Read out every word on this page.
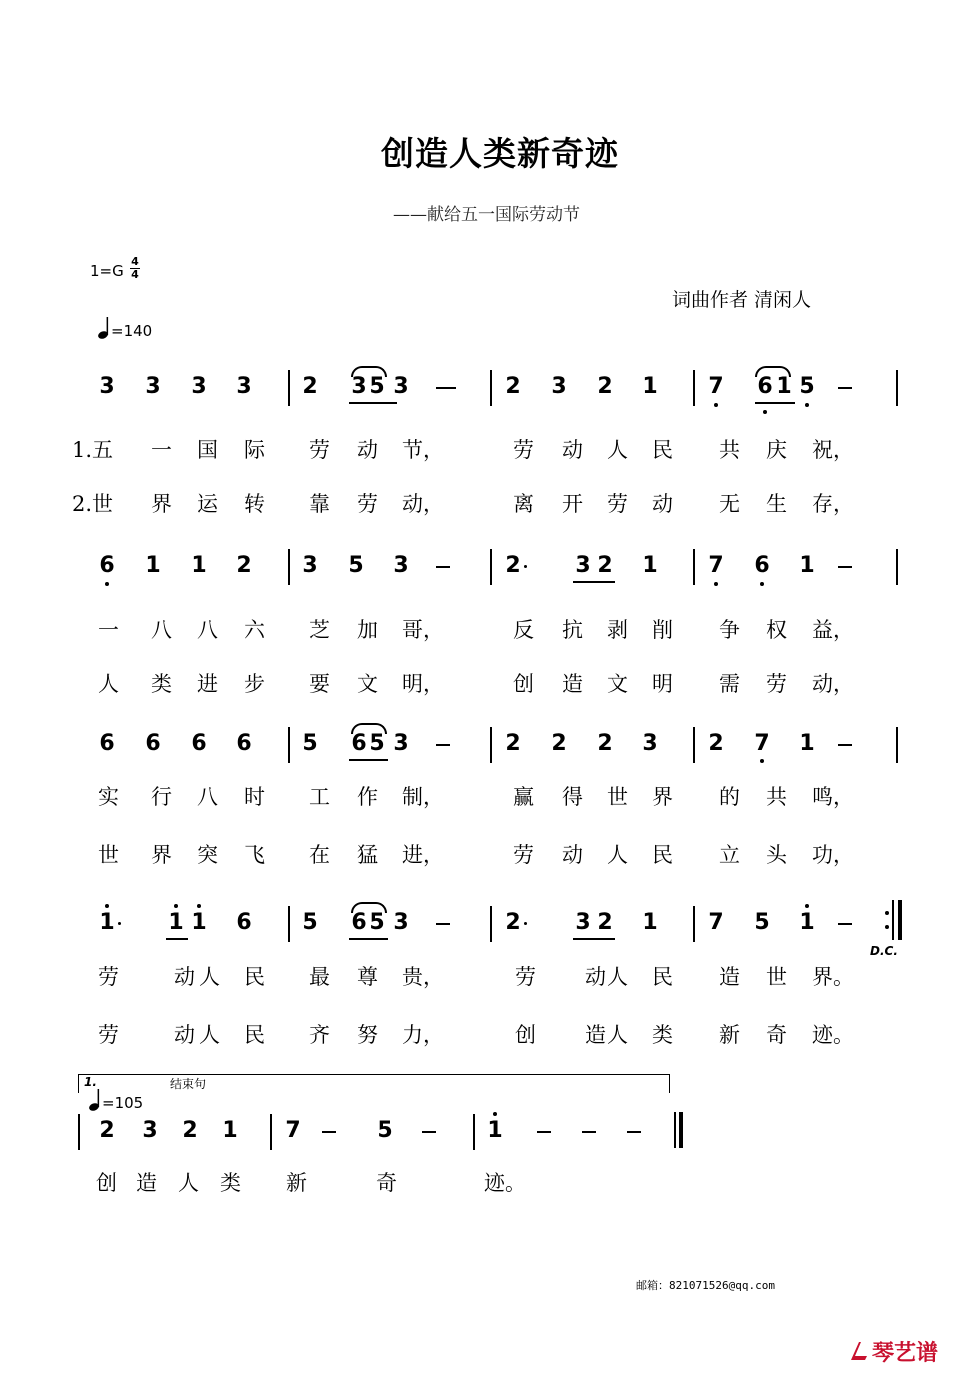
创造人类新奇迹
——献给五一国际劳动节
1=G
4
4
词曲作者 清闲人
=140
3 3 3 3 2 3 5 3	2 3 2 1 7 6 1 5
6 1 1 2 3 5 3	2 3 2 1 7 6 1
6 6 6 6 5 6 5 3	2 2 2 3 2 7 1
1 1 1 6 5 6 5 3	2 3 2 1 7 5 1
2 3 2 1 7	5	1
1.五 一 国 际 劳 动 节，	劳 动 人 民 共 庆 祝，
2.世 界 运 转 靠 劳 动，	离 开 劳 动 无 生 存，
一 八 八 六 芝 加 哥，	反 抗 剥 削 争 权 益，
人 类 进 步 要 文 明，	创 造 文 明 需 劳 动，
实 行 八 时 工 作 制，	赢 得 世 界 的 共 鸣，
世 界 突 飞 在 猛 进，	劳 动 人 民 立 头 功，
劳	动 人 民 最 尊 贵，	劳 动 人 民 造 世 界。
劳	动 人 民 齐 努 力，	创 造 人 类 新 奇 迹。
创 造 人 类 新	奇	迹。
D.C.
1.	结束句
=105
邮箱：821071526@qq.com
琴艺谱
